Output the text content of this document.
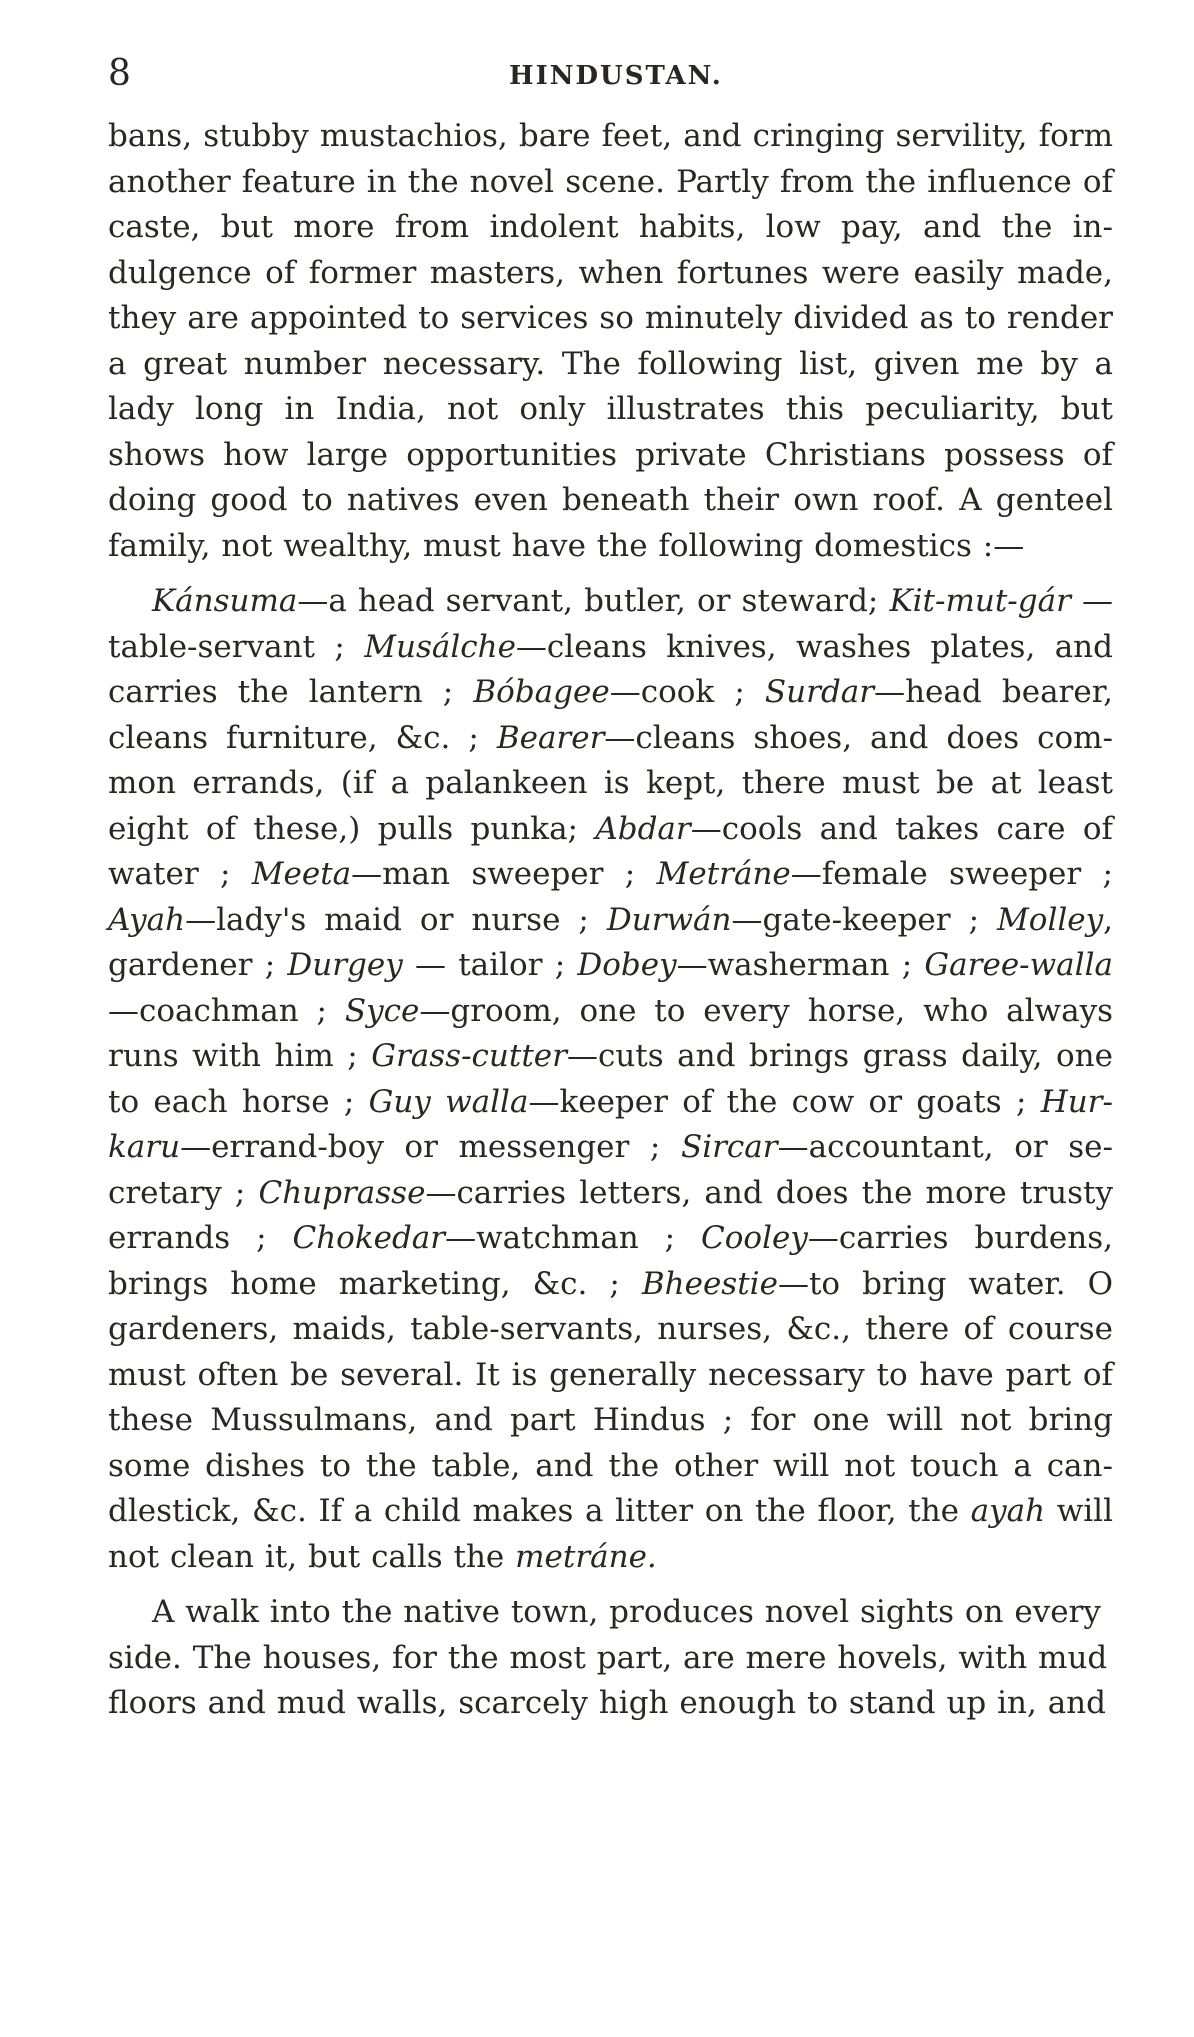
8	HINDUSTAN.

bans, stubby mustachios, bare feet, and cringing servility, form another feature in the novel scene. Partly from the influence of caste, but more from indolent habits, low pay, and the indulgence of former masters, when fortunes were easily made, they are appointed to services so minutely divided as to render a great number necessary. The following list, given me by a lady long in India, not only illustrates this peculiarity, but shows how large opportunities private Christians possess of doing good to natives even beneath their own roof. A genteel family, not wealthy, must have the following domestics :—

Kánsuma—a head servant, butler, or steward; Kit-mut-gár —table-servant ; Musálche—cleans knives, washes plates, and carries the lantern ; Bóbagee—cook ; Surdar—head bearer, cleans furniture, &c. ; Bearer—cleans shoes, and does common errands, (if a palankeen is kept, there must be at least eight of these,) pulls punka; Abdar—cools and takes care of water ; Meeta—man sweeper ; Metráne—female sweeper ; Ayah—lady's maid or nurse ; Durwán—gate-keeper ; Molley, gardener ; Durgey — tailor ; Dobey—washerman ; Garee-walla —coachman ; Syce—groom, one to every horse, who always runs with him ; Grass-cutter—cuts and brings grass daily, one to each horse ; Guy walla—keeper of the cow or goats ; Hurkaru—errand-boy or messenger ; Sircar—accountant, or secretary ; Chuprasse—carries letters, and does the more trusty errands ; Chokedar—watchman ; Cooley—carries burdens, brings home marketing, &c. ; Bheestie—to bring water. O gardeners, maids, table-servants, nurses, &c., there of course must often be several. It is generally necessary to have part of these Mussulmans, and part Hindus ; for one will not bring some dishes to the table, and the other will not touch a candlestick, &c. If a child makes a litter on the floor, the ayah will not clean it, but calls the metráne.

A walk into the native town, produces novel sights on every side. The houses, for the most part, are mere hovels, with mud floors and mud walls, scarcely high enough to stand up in, and
